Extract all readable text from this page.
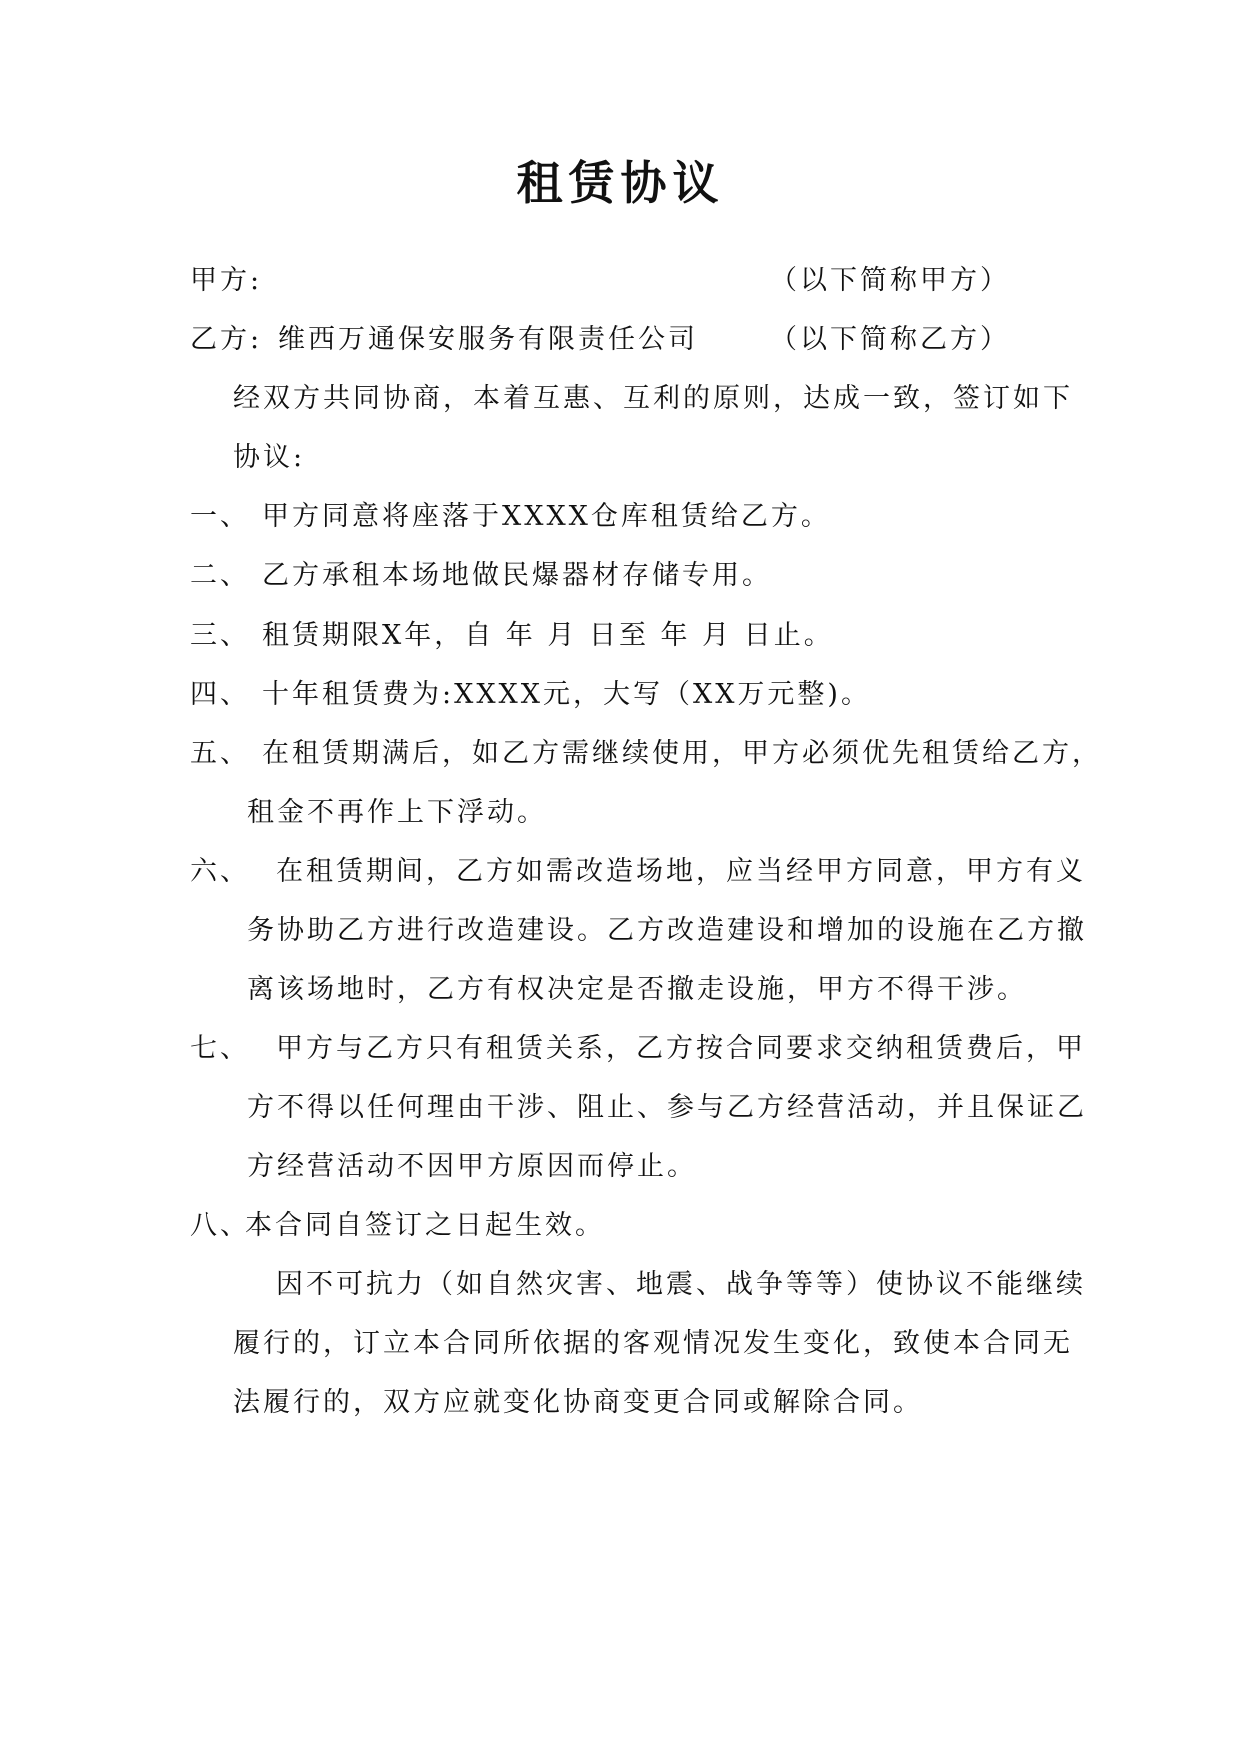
租赁协议
甲方:	（以下简称甲方）
乙方: 维西万通保安服务有限责任公司	（以下简称乙方）
经双方共同协商，本着互惠、互利的原则，达成一致，签订如下
协议:
一、 甲方同意将座落于XXXX仓库租赁给乙方。
二、 乙方承租本场地做民爆器材存储专用。
三、 租赁期限X年，自 年 月 日至 年 月 日止。
四、 十年租赁费为:XXXX元，大写（XX万元整)。
五、 在租赁期满后，如乙方需继续使用，甲方必须优先租赁给乙方，
租金不再作上下浮动。
六、 在租赁期间，乙方如需改造场地，应当经甲方同意，甲方有义
务协助乙方进行改造建设。乙方改造建设和增加的设施在乙方撤
离该场地时，乙方有权决定是否撤走设施，甲方不得干涉。
七、 甲方与乙方只有租赁关系，乙方按合同要求交纳租赁费后，甲
方不得以任何理由干涉、阻止、参与乙方经营活动，并且保证乙
方经营活动不因甲方原因而停止。
八、
本合同自签订之日起生效。
因不可抗力（如自然灾害、地震、战争等等）使协议不能继续
履行的，订立本合同所依据的客观情况发生变化，致使本合同无
法履行的，双方应就变化协商变更合同或解除合同。
